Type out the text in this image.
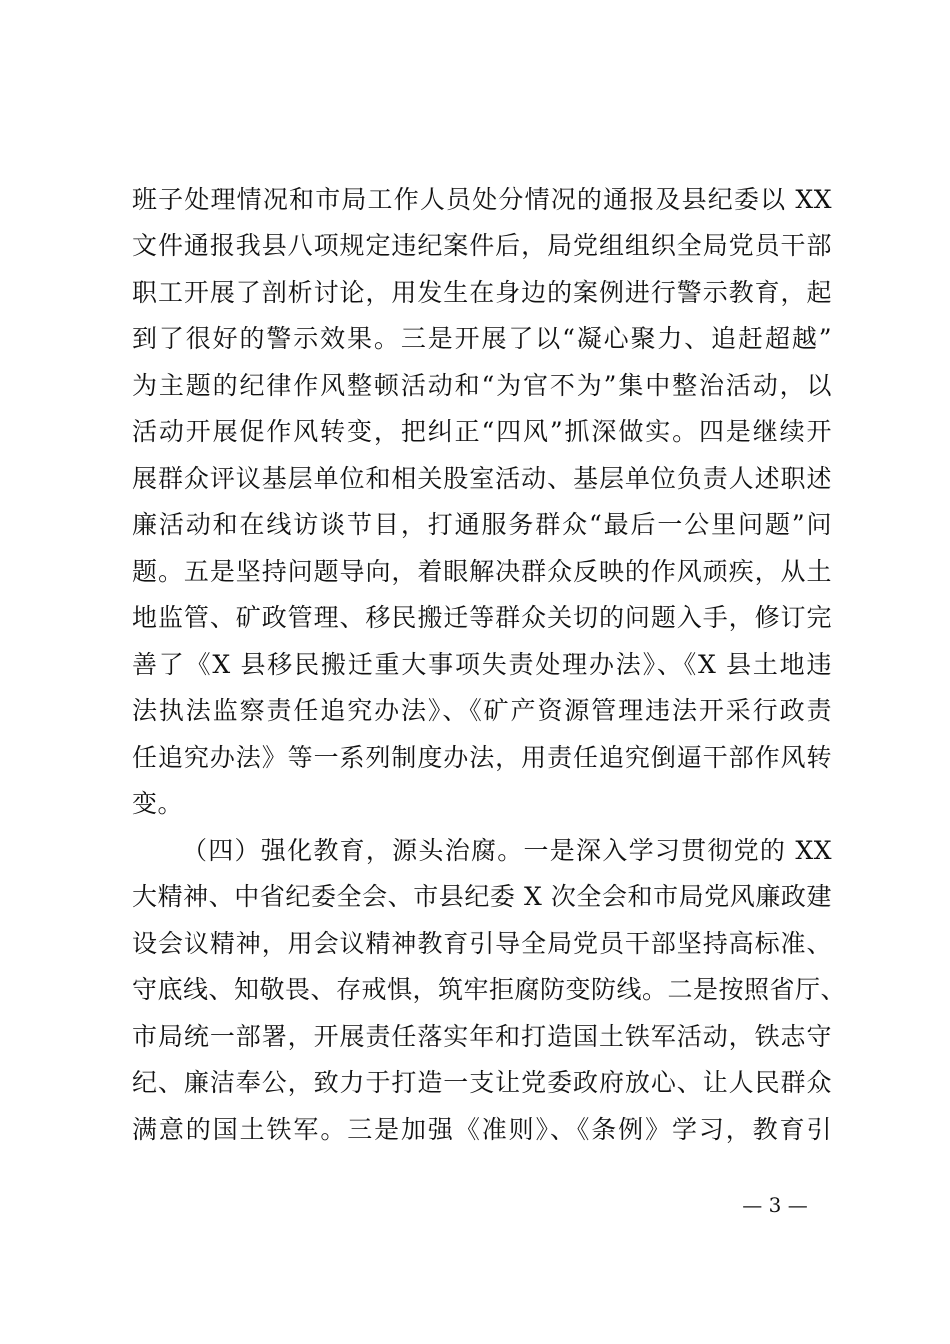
班子处理情况和市局工作人员处分情况的通报及县纪委以 XX
文件通报我县八项规定违纪案件后，局党组组织全局党员干部
职工开展了剖析讨论，用发生在身边的案例进行警示教育，起
到了很好的警示效果。三是开展了以“凝心聚力、追赶超越”
为主题的纪律作风整顿活动和“为官不为”集中整治活动，以
活动开展促作风转变，把纠正“四风”抓深做实。四是继续开
展群众评议基层单位和相关股室活动、基层单位负责人述职述
廉活动和在线访谈节目，打通服务群众“最后一公里问题”问
题。五是坚持问题导向，着眼解决群众反映的作风顽疾，从土
地监管、矿政管理、移民搬迁等群众关切的问题入手，修订完
善了《X 县移民搬迁重大事项失责处理办法》、《X 县土地违
法执法监察责任追究办法》、《矿产资源管理违法开采行政责
任追究办法》等一系列制度办法，用责任追究倒逼干部作风转
变。
（四）强化教育，源头治腐。一是深入学习贯彻党的 XX
大精神、中省纪委全会、市县纪委 X 次全会和市局党风廉政建
设会议精神，用会议精神教育引导全局党员干部坚持高标准、
守底线、知敬畏、存戒惧，筑牢拒腐防变防线。二是按照省厅、
市局统一部署，开展责任落实年和打造国土铁军活动，铁志守
纪、廉洁奉公，致力于打造一支让党委政府放心、让人民群众
满意的国土铁军。三是加强《准则》、《条例》学习，教育引
— 3 —
